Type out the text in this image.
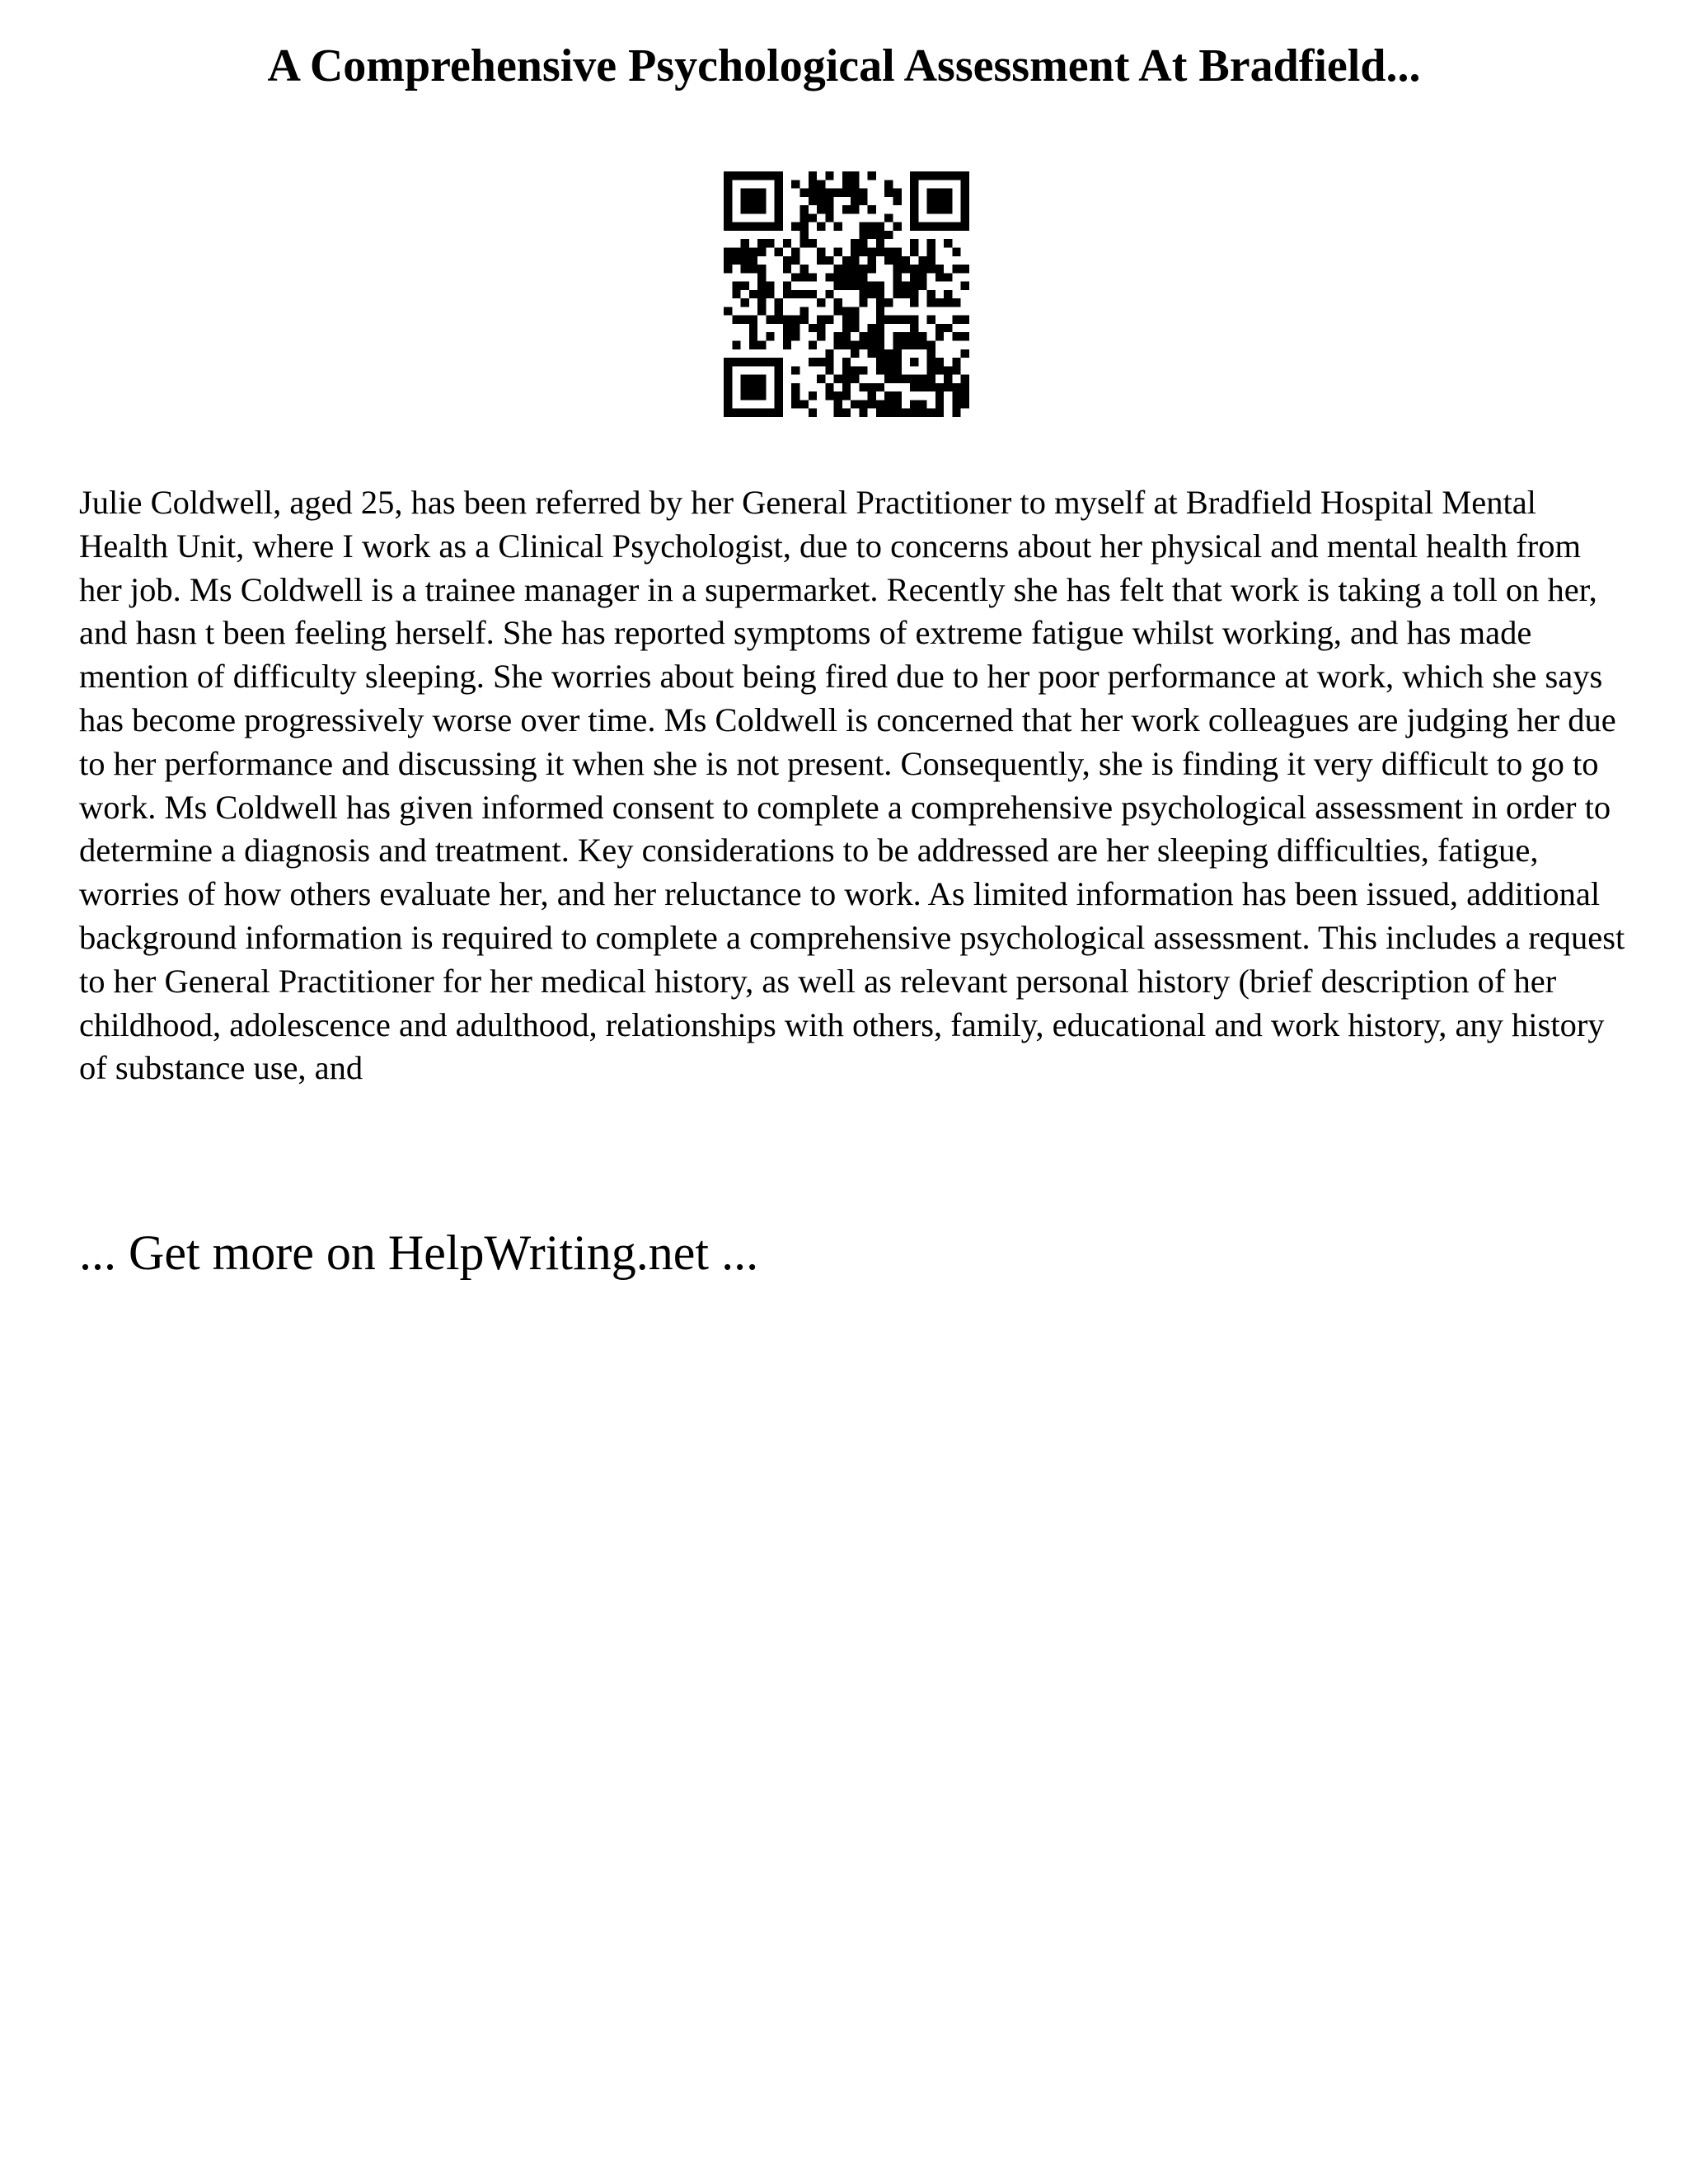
A Comprehensive Psychological Assessment At Bradfield...

Julie Coldwell, aged 25, has been referred by her General Practitioner to myself at Bradfield Hospital Mental Health Unit, where I work as a Clinical Psychologist, due to concerns about her physical and mental health from her job. Ms Coldwell is a trainee manager in a supermarket. Recently she has felt that work is taking a toll on her, and hasn t been feeling herself. She has reported symptoms of extreme fatigue whilst working, and has made mention of difficulty sleeping. She worries about being fired due to her poor performance at work, which she says has become progressively worse over time. Ms Coldwell is concerned that her work colleagues are judging her due to her performance and discussing it when she is not present. Consequently, she is finding it very difficult to go to work. Ms Coldwell has given informed consent to complete a comprehensive psychological assessment in order to determine a diagnosis and treatment. Key considerations to be addressed are her sleeping difficulties, fatigue, worries of how others evaluate her, and her reluctance to work. As limited information has been issued, additional background information is required to complete a comprehensive psychological assessment. This includes a request to her General Practitioner for her medical history, as well as relevant personal history (brief description of her childhood, adolescence and adulthood, relationships with others, family, educational and work history, any history of substance use, and

... Get more on HelpWriting.net ...
